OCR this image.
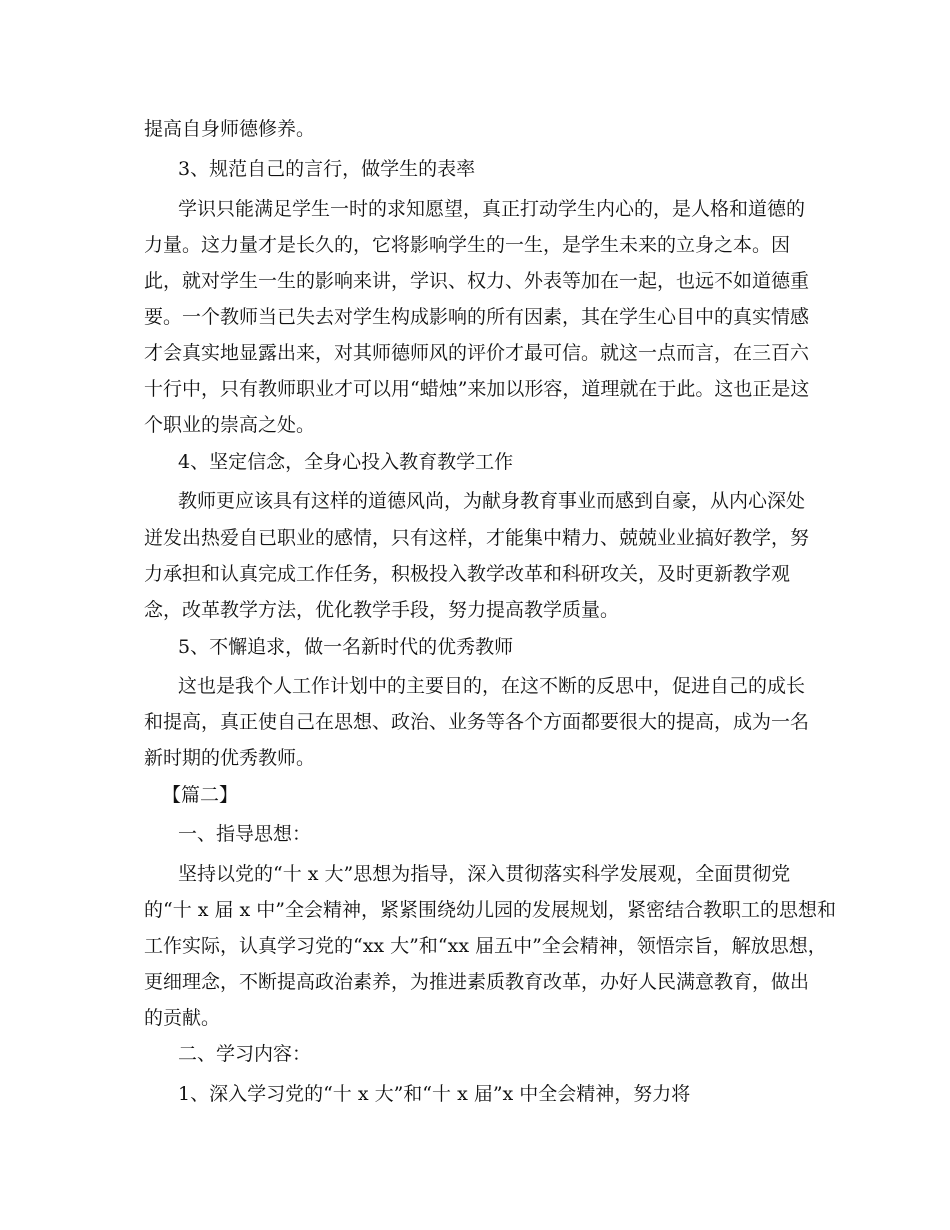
提高自身师德修养。
3、规范自己的言行，做学生的表率
学识只能满足学生一时的求知愿望，真正打动学生内心的，是人格和道德的
力量。这力量才是长久的，它将影响学生的一生，是学生未来的立身之本。因
此，就对学生一生的影响来讲，学识、权力、外表等加在一起，也远不如道德重
要。一个教师当已失去对学生构成影响的所有因素，其在学生心目中的真实情感
才会真实地显露出来，对其师德师风的评价才最可信。就这一点而言，在三百六
十行中，只有教师职业才可以用“蜡烛”来加以形容，道理就在于此。这也正是这
个职业的崇高之处。
4、坚定信念，全身心投入教育教学工作
教师更应该具有这样的道德风尚，为献身教育事业而感到自豪，从内心深处
迸发出热爱自已职业的感情，只有这样，才能集中精力、兢兢业业搞好教学，努
力承担和认真完成工作任务，积极投入教学改革和科研攻关，及时更新教学观
念，改革教学方法，优化教学手段，努力提高教学质量。
5、不懈追求，做一名新时代的优秀教师
这也是我个人工作计划中的主要目的，在这不断的反思中，促进自己的成长
和提高，真正使自己在思想、政治、业务等各个方面都要很大的提高，成为一名
新时期的优秀教师。
【篇二】
一、指导思想：
坚持以党的“十 x 大”思想为指导，深入贯彻落实科学发展观，全面贯彻党
的“十 x 届 x 中”全会精神，紧紧围绕幼儿园的发展规划，紧密结合教职工的思想和
工作实际，认真学习党的“xx 大”和“xx 届五中”全会精神，领悟宗旨，解放思想，
更细理念，不断提高政治素养，为推进素质教育改革，办好人民满意教育，做出
的贡献。
二、学习内容：
1、深入学习党的“十 x 大”和“十 x 届”x 中全会精神，努力将
